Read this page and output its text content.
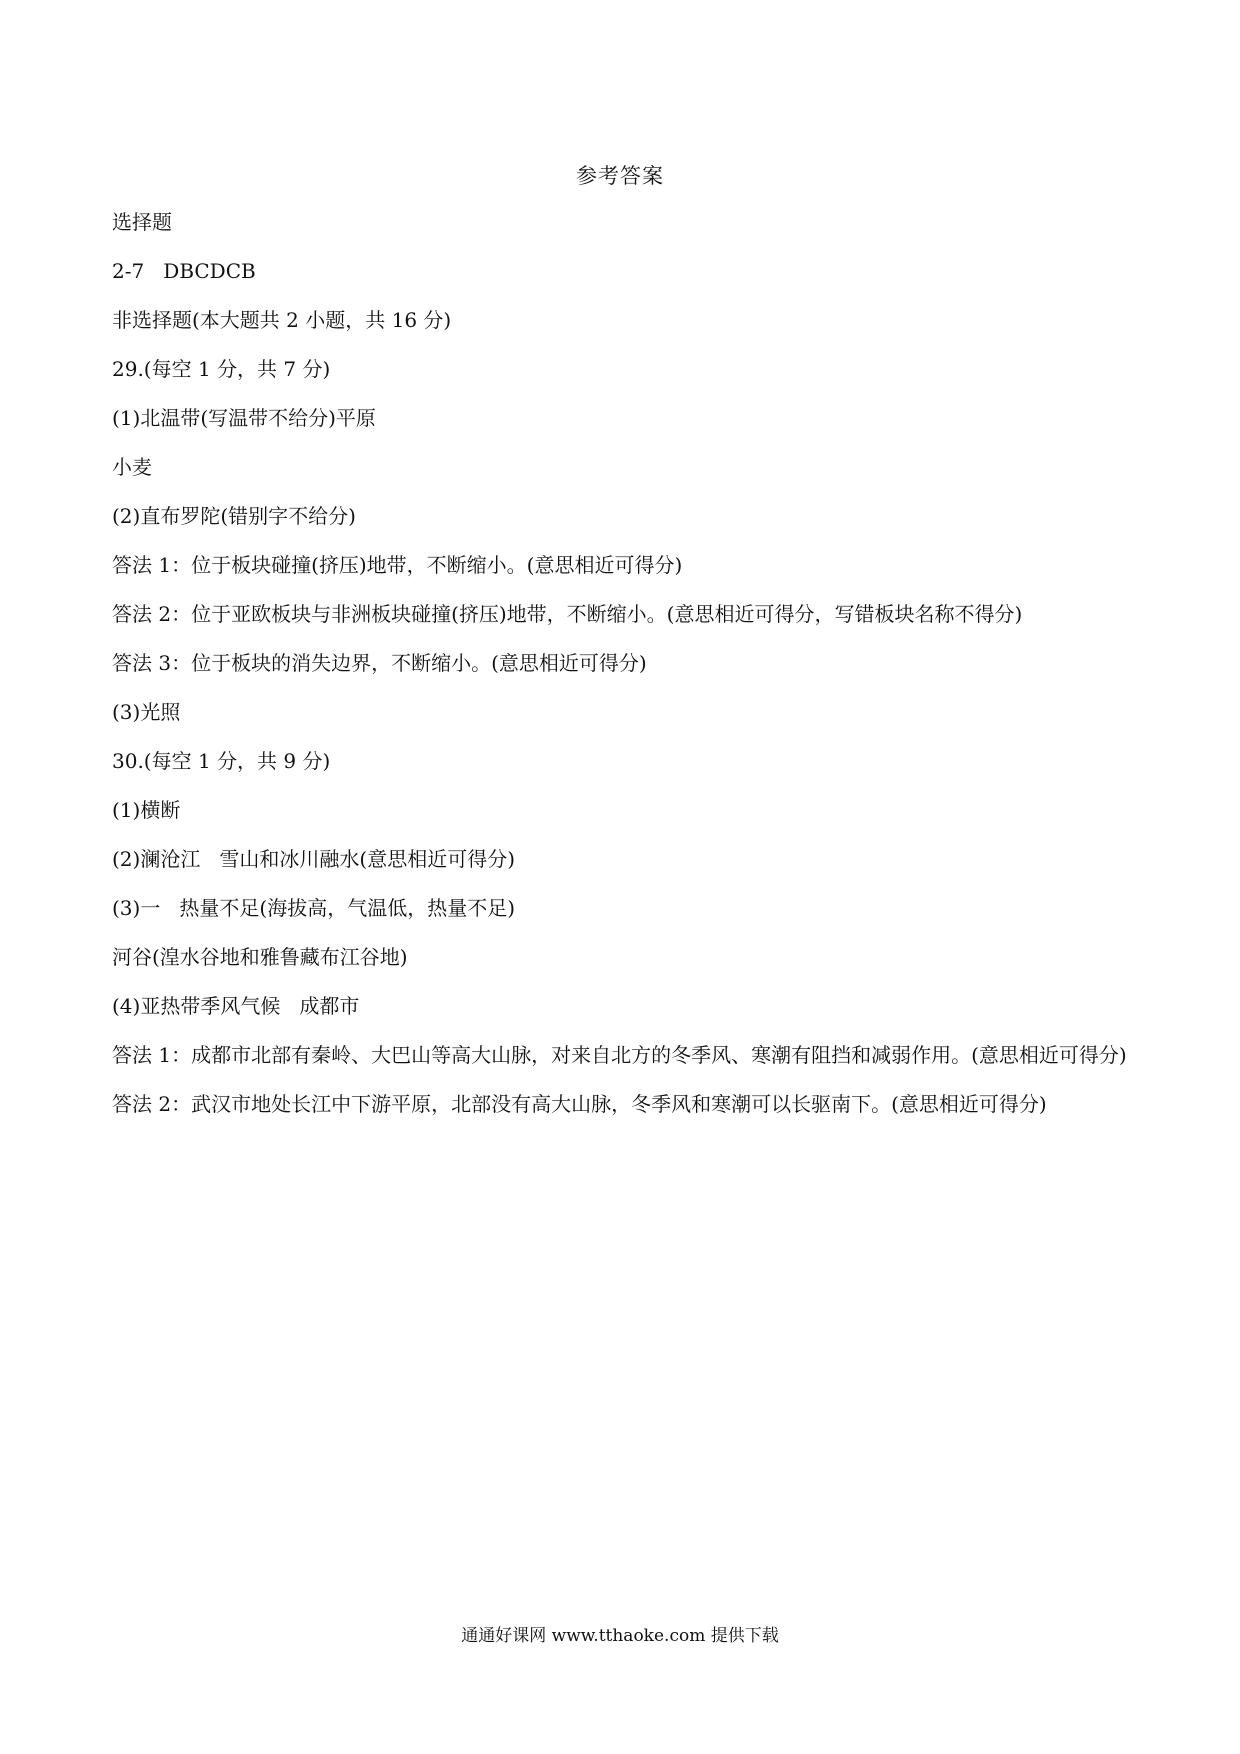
参考答案
选择题
2-7   DBCDCB
非选择题(本大题共 2 小题，共 16 分)
29.(每空 1 分，共 7 分)
(1)北温带(写温带不给分)平原
小麦
(2)直布罗陀(错别字不给分)
答法 1：位于板块碰撞(挤压)地带，不断缩小。(意思相近可得分)
答法 2：位于亚欧板块与非洲板块碰撞(挤压)地带，不断缩小。(意思相近可得分，写错板块名称不得分)
答法 3：位于板块的消失边界，不断缩小。(意思相近可得分)
(3)光照
30.(每空 1 分，共 9 分)
(1)横断
(2)澜沧江   雪山和冰川融水(意思相近可得分)
(3)一   热量不足(海拔高，气温低，热量不足)
河谷(湟水谷地和雅鲁藏布江谷地)
(4)亚热带季风气候   成都市
答法 1：成都市北部有秦岭、大巴山等高大山脉，对来自北方的冬季风、寒潮有阻挡和减弱作用。(意思相近可得分)
答法 2：武汉市地处长江中下游平原，北部没有高大山脉，冬季风和寒潮可以长驱南下。(意思相近可得分)
通通好课网 www.tthaoke.com 提供下载
